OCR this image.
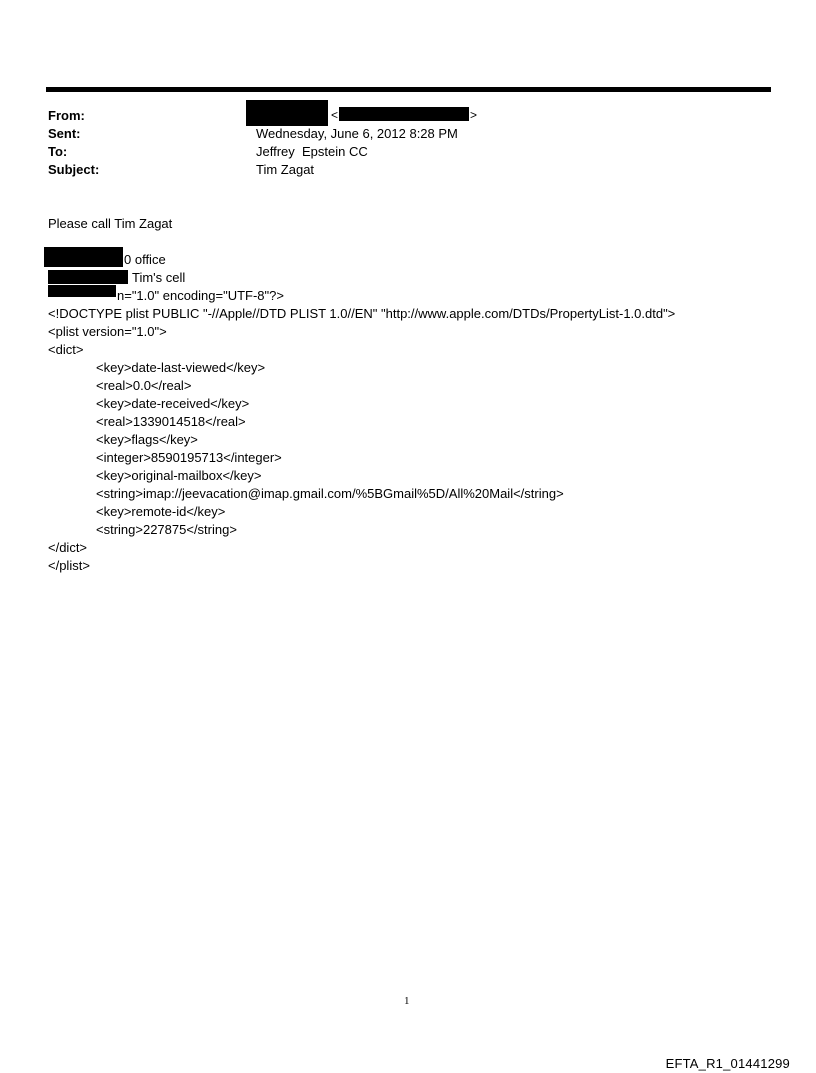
From:	<	>
Sent:	Wednesday, June 6, 2012 8:28 PM
To:	Jeffrey  Epstein CC
Subject:	Tim Zagat
Please call Tim Zagat
0 office
Tim's cell
n="1.0" encoding="UTF-8"?>
<!DOCTYPE plist PUBLIC "-//Apple//DTD PLIST 1.0//EN" "http://www.apple.com/DTDs/PropertyList-1.0.dtd">
<plist version="1.0">
<dict>
<key>date-last-viewed</key>
<real>0.0</real>
<key>date-received</key>
<real>1339014518</real>
<key>flags</key>
<integer>8590195713</integer>
<key>original-mailbox</key>
<string>imap://jeevacation@imap.gmail.com/%5BGmail%5D/All%20Mail</string>
<key>remote-id</key>
<string>227875</string>
</dict>
</plist>
1
EFTA_R1_01441299
